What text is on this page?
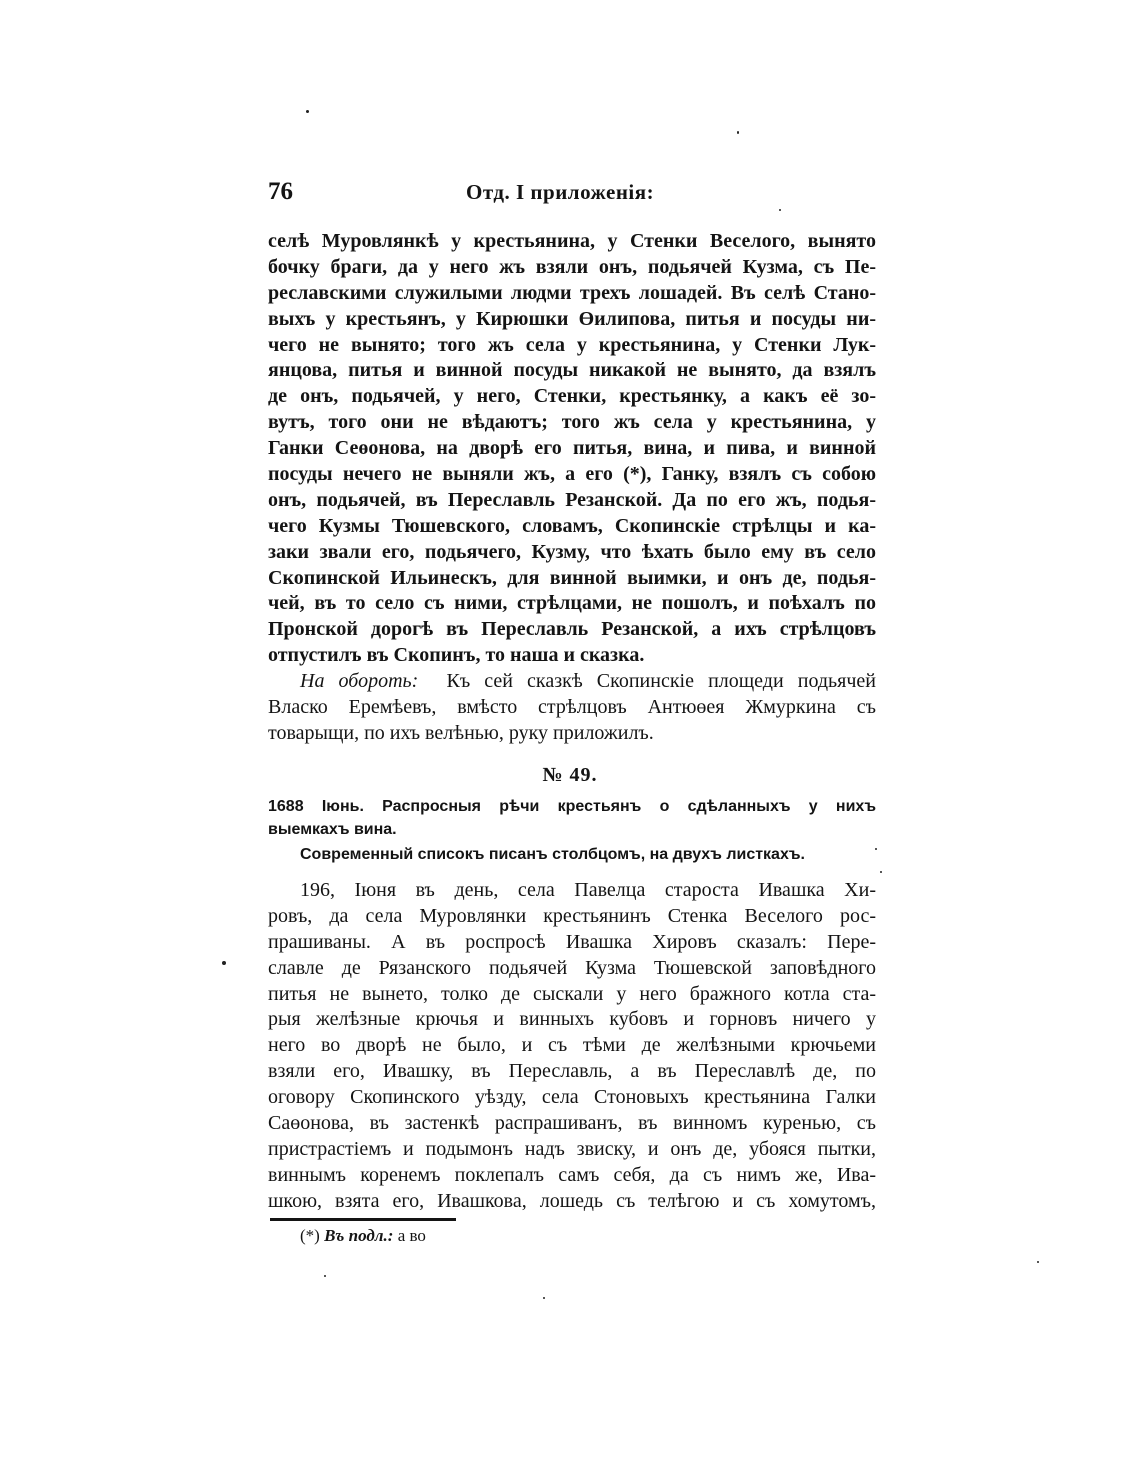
76	Отд. I приложенія:
селѣ Муровлянкѣ у крестьянина, у Стенки Веселого, вынято
бочку браги, да у него жъ взяли онъ, подьячей Кузма, съ Пе-
реславскими служилыми людми трехъ лошадей. Въ селѣ Стано-
выхъ у крестьянъ, у Кирюшки Өилипова, питья и посуды ни-
чего не вынято; того жъ села у крестьянина, у Стенки Лук-
янцова, питья и винной посуды никакой не вынято, да взялъ
де онъ, подьячей, у него, Стенки, крестьянку, а какъ её зо-
вутъ, того они не вѣдаютъ; того жъ села у крестьянина, у
Ганки Сеөонова, на дворѣ его питья, вина, и пива, и винной
посуды нечего не выняли жъ, а его (*), Ганку, взялъ съ собою
онъ, подьячей, въ Переславль Резанской. Да по его жъ, подья-
чего Кузмы Тюшевского, словамъ, Скопинскіе стрѣлцы и ка-
заки звали его, подьячего, Кузму, что ѣхать было ему въ село
Скопинской Ильинескъ, для винной выимки, и онъ де, подья-
чей, въ то село съ ними, стрѣлцами, не пошолъ, и поѣхалъ по
Пронской дорогѣ въ Переславль Резанской, а ихъ стрѣлцовъ
отпустилъ въ Скопинъ, то наша и сказка.
На обороть: Къ сей сказкѣ Скопинскіе площеди подьячей
Власко Еремѣевъ, вмѣсто стрѣлцовъ Антюөея Жмуркина съ
товарыщи, по ихъ велѣнью, руку приложилъ.
№ 49.
1688 Іюнь. Распросныя рѣчи крестьянъ о сдѣланныхъ у нихъ
выемкахъ вина.
Современный списокъ писанъ столбцомъ, на двухъ листкахъ.
196, Іюня въ день, села Павелца староста Ивашка Хи-
ровъ, да села Муровлянки крестьянинъ Стенка Веселого рос-
прашиваны. А въ роспросѣ Ивашка Хировъ сказалъ: Пере-
славле де Рязанского подьячей Кузма Тюшевской заповѣдного
питья не вынето, толко де сыскали у него бражного котла ста-
рыя желѣзные крючья и винныхъ кубовъ и горновъ ничего у
него во дворѣ не было, и съ тѣми де желѣзными крючьеми
взяли его, Ивашку, въ Переславль, а въ Переславлѣ де, по
оговору Скопинского уѣзду, села Стоновыхъ крестьянина Галки
Саөонова, въ застенкѣ распрашиванъ, въ винномъ куренью, съ
пристрастіемъ и подымонъ надъ звиску, и онъ де, убояся пытки,
виннымъ коренемъ поклепалъ самъ себя, да съ нимъ же, Ива-
шкою, взята его, Ивашкова, лошедь съ телѣгою и съ хомутомъ,
(*) Въ подл.: а во
